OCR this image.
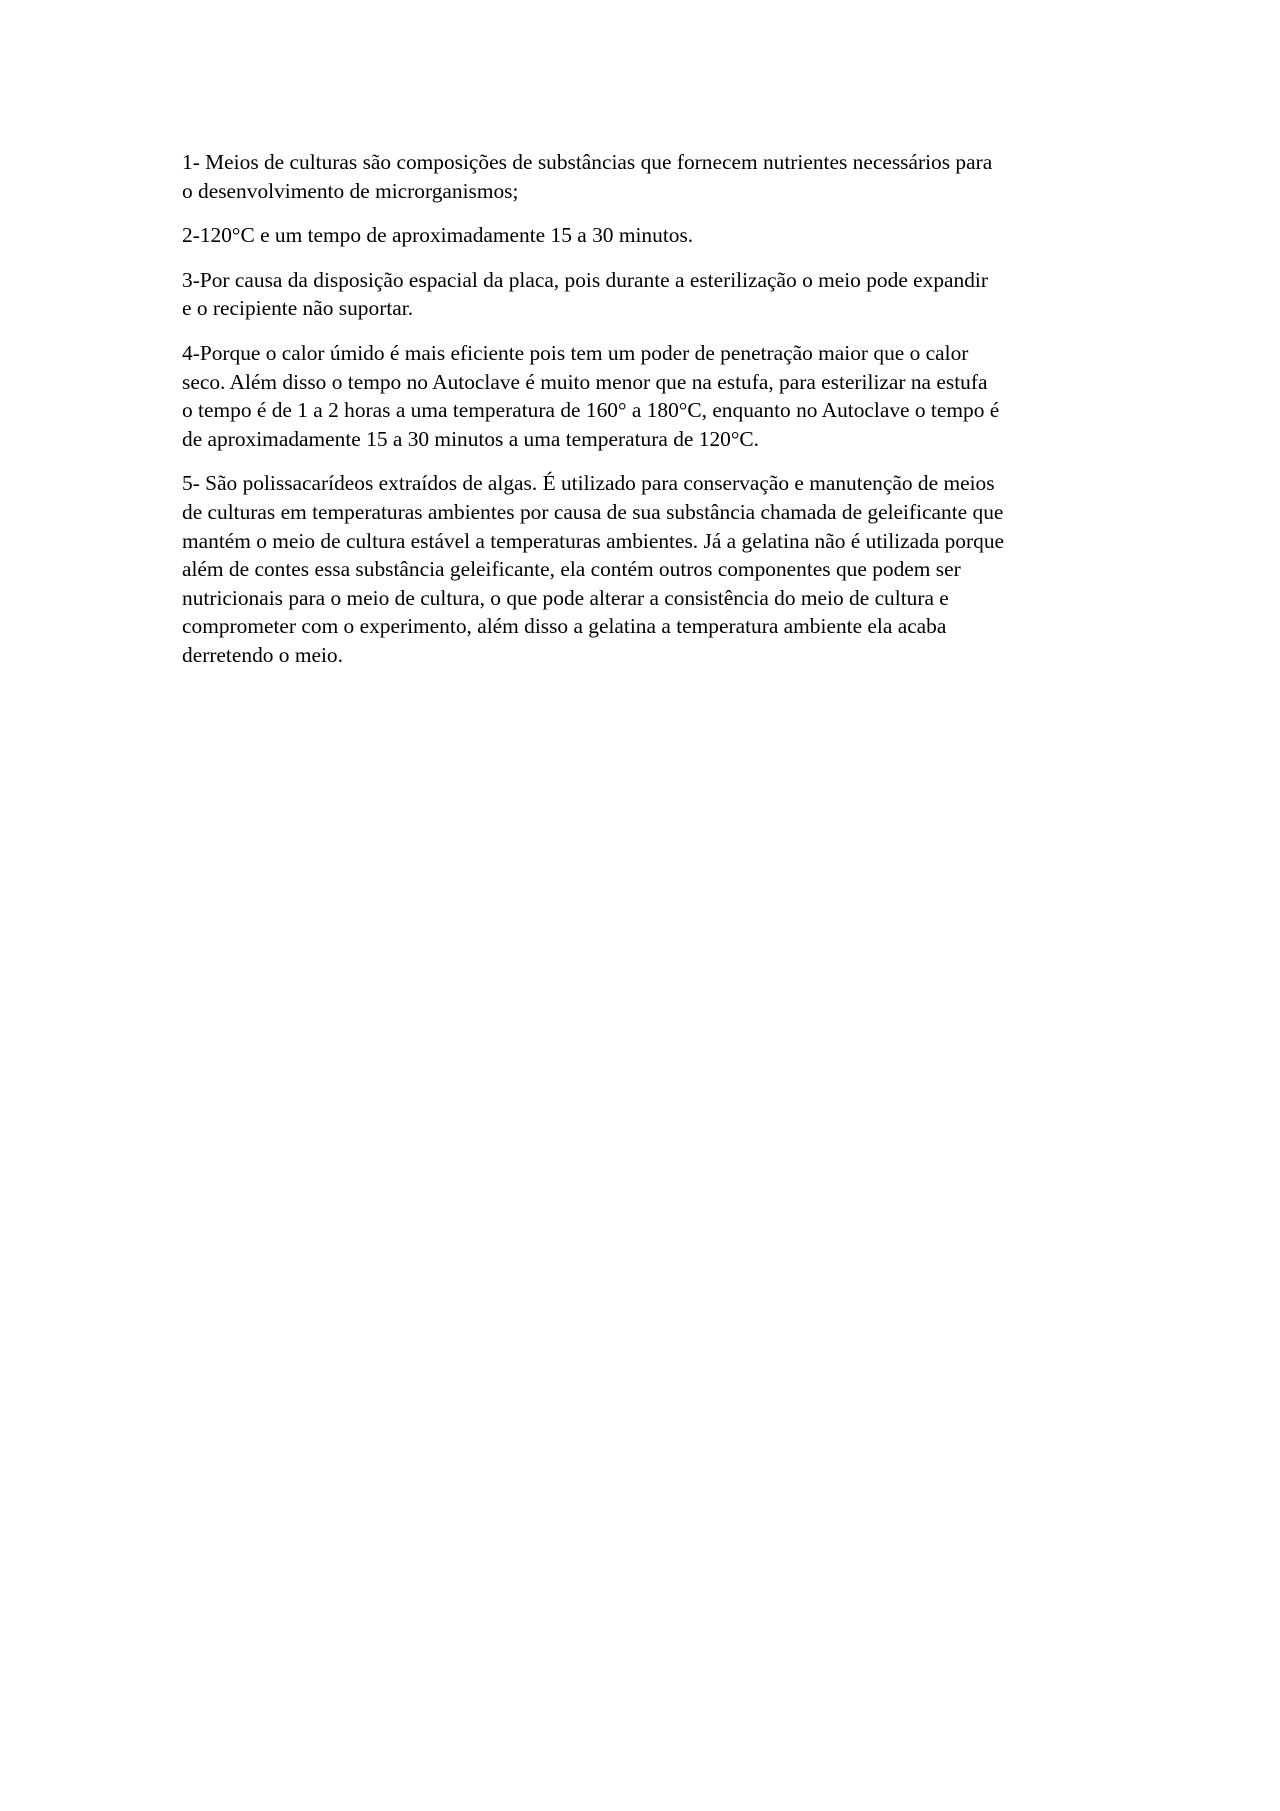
1- Meios de culturas são composições de substâncias que fornecem nutrientes necessários para
o desenvolvimento de microrganismos;

2-120°C e um tempo de aproximadamente 15 a 30 minutos.

3-Por causa da disposição espacial da placa, pois durante a esterilização o meio pode expandir
e o recipiente não suportar.

4-Porque o calor úmido é mais eficiente pois tem um poder de penetração maior que o calor
seco. Além disso o tempo no Autoclave é muito menor que na estufa, para esterilizar na estufa
o tempo é de 1 a 2 horas a uma temperatura de 160° a 180°C, enquanto no Autoclave o tempo é
de aproximadamente 15 a 30 minutos a uma temperatura de 120°C.

5- São polissacarídeos extraídos de algas. É utilizado para conservação e manutenção de meios
de culturas em temperaturas ambientes por causa de sua substância chamada de geleificante que
mantém o meio de cultura estável a temperaturas ambientes. Já a gelatina não é utilizada porque
além de contes essa substância geleificante, ela contém outros componentes que podem ser
nutricionais para o meio de cultura, o que pode alterar a consistência do meio de cultura e
comprometer com o experimento, além disso a gelatina a temperatura ambiente ela acaba
derretendo o meio.
